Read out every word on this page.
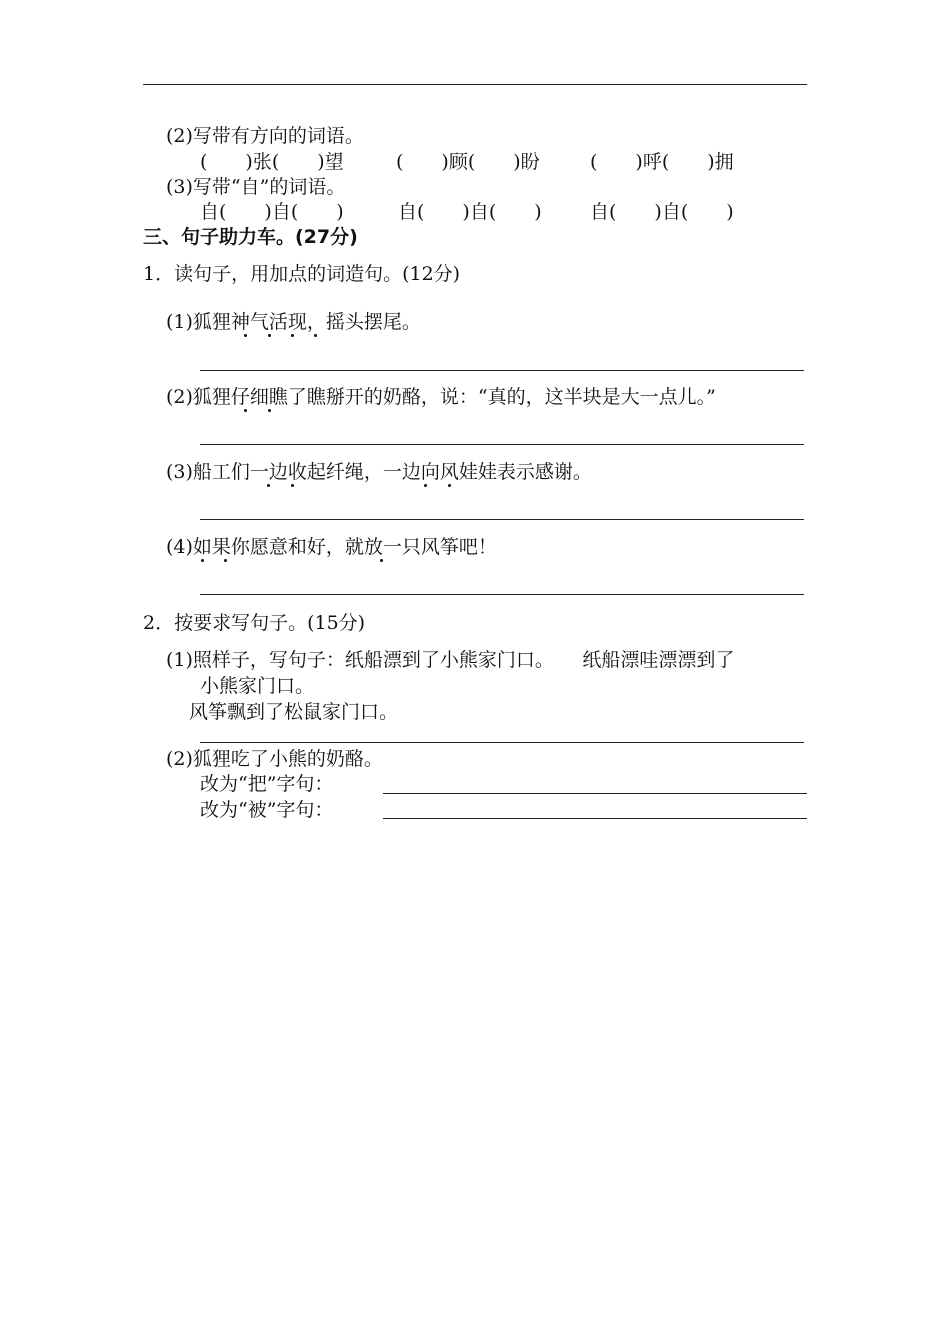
(2)写带有方向的词语。
(　　)张(　　)望	(　　)顾(　　)盼	(　　)呼(　　)拥
(3)写带“自”的词语。
自(　　)自(　　)	自(　　)自(　　)	自(　　)自(　　)
三、句子助力车。(27分)
1．读句子，用加点的词造句。(12分)
(1)狐狸神气活现，摇头摆尾。
(2)狐狸仔细瞧了瞧掰开的奶酪，说：“真的，这半块是大一点儿。”
(3)船工们一边收起纤绳，一边向风娃娃表示感谢。
(4)如果你愿意和好，就放一只风筝吧！
2．按要求写句子。(15分)
(1)照样子，写句子：纸船漂到了小熊家门口。　　纸船漂哇漂漂到了
小熊家门口。
风筝飘到了松鼠家门口。
(2)狐狸吃了小熊的奶酪。
改为“把”字句：
改为“被”字句：
